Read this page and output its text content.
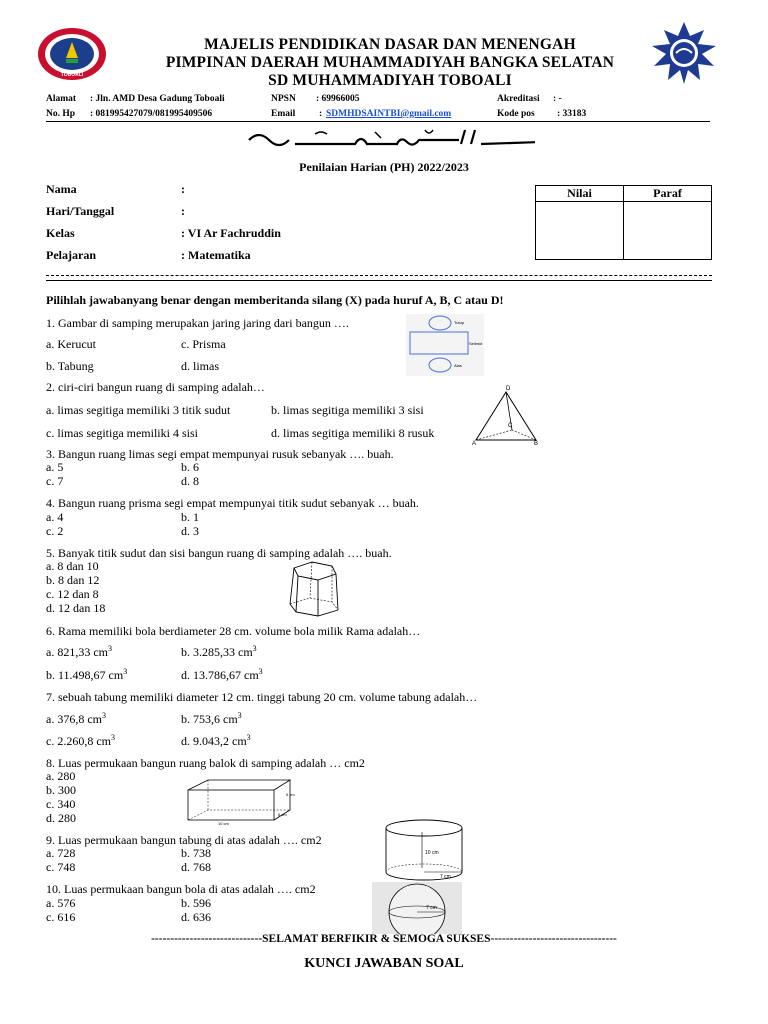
TOBOALI
MAJELIS PENDIDIKAN DASAR DAN MENENGAH
PIMPINAN DAERAH MUHAMMADIYAH BANGKA SELATAN
SD MUHAMMADIYAH TOBOALI
Alamat : Jln. AMD Desa Gadung Toboali	NPSN : 69966005	Akreditasi : -
No. Hp : 081995427079/081995409506	Email : SDMHDSAINTBI@gmail.com	Kode pos : 33183
Penilaian Harian (PH) 2022/2023
Nama	:
Hari/Tanggal	:
Kelas	: VI Ar Fachruddin
Pelajaran	: Matematika
Nilai	Paraf

Pilihlah jawabanyang benar dengan memberitanda silang (X) pada huruf A, B, C atau D!
1. Gambar di samping merupakan jaring jaring dari bangun ….
a. Kerucut	c. Prisma
b. Tabung	d. limas
Tutup
Selimut
Alas
2. ciri-ciri bangun ruang di samping adalah…
a. limas segitiga memiliki 3 titik sudut	b. limas segitiga memiliki 3 sisi
c. limas segitiga memiliki 4 sisi	d. limas segitiga memiliki 8 rusuk
D
A	B
C
3. Bangun ruang limas segi empat mempunyai rusuk sebanyak …. buah.
a. 5	b. 6
c. 7	d. 8
4. Bangun ruang prisma segi empat mempunyai titik sudut sebanyak … buah.
a. 4	b. 1
c. 2	d. 3
5. Banyak titik sudut dan sisi bangun ruang di samping adalah …. buah.
a. 8 dan 10
b. 8 dan 12
c. 12 dan 8
d. 12 dan 18
6. Rama memiliki bola berdiameter 28 cm. volume bola milik Rama adalah…
a. 821,33 $cm^3$	b. 3.285,33 $cm^3$
b. 11.498,67 $cm^3$	d. 13.786,67 $cm^3$
7. sebuah tabung memiliki diameter 12 cm. tinggi tabung 20 cm. volume tabung adalah…
a. 376,8 $cm^3$	b. 753,6 $cm^3$
c. 2.260,8 $cm^3$	d. 9.043,2 $cm^3$
8. Luas permukaan bangun ruang balok di samping adalah … cm2
a. 280
b. 300
c. 340
d. 280
5 cm
6 cm
10 cm
9. Luas permukaan bangun tabung di atas adalah …. cm2
a. 728	b. 738
c. 748	d. 768
10 cm
7 cm
10. Luas permukaan bangun bola di atas adalah …. cm2
a. 576	b. 596
c. 616	d. 636
7 cm
-----------------------------SELAMAT BERFIKIR & SEMOGA SUKSES---------------------------------
KUNCI JAWABAN SOAL
